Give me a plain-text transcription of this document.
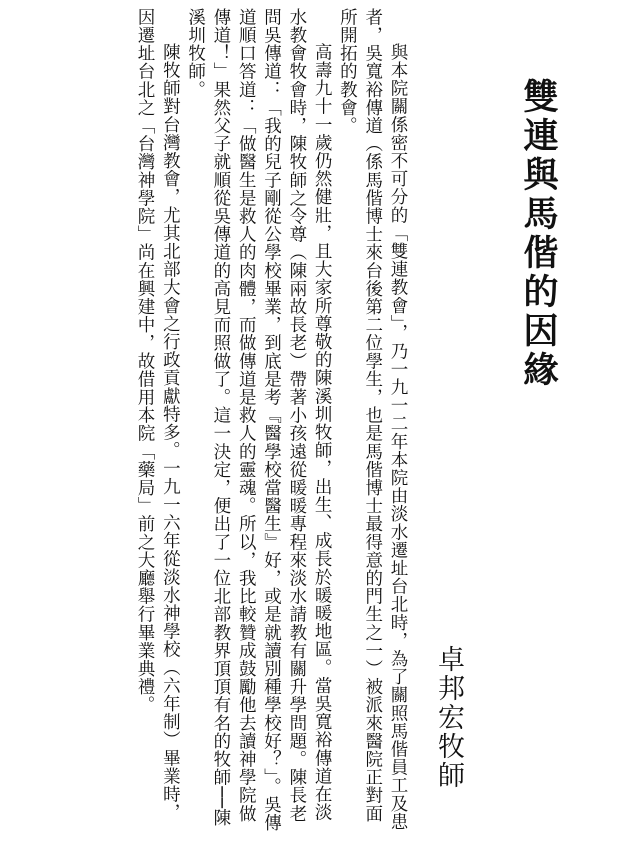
雙連與馬偕的因緣
卓邦宏牧師

與本院關係密不可分的「雙連教會」，乃一九一二年本院由淡水遷址台北時，為了關照馬偕員工及患者，吳寬裕傳道（係馬偕博士來台後第二位學生，也是馬偕博士最得意的門生之一）被派來醫院正對面所開拓的教會。

高壽九十一歲仍然健壯，且大家所尊敬的陳溪圳牧師，出生、成長於暖暖地區。當吳寬裕傳道在淡水教會牧會時，陳牧師之令尊（陳兩故長老）帶著小孩遠從暖暖專程來淡水請教有關升學問題。陳長老問吳傳道：「我的兒子剛從公學校畢業，到底是考『醫學校當醫生』好，或是就讀別種學校好？」。吳傳道順口答道：「做醫生是救人的肉體，而做傳道是救人的靈魂。所以，我比較贊成鼓勵他去讀神學院做傳道！」果然父子就順從吳傳道的高見而照做了。這一決定，便出了一位北部教界頂頂有名的牧師──陳溪圳牧師。

陳牧師對台灣教會，尤其北部大會之行政貢獻特多。一九一六年從淡水神學校（六年制）畢業時，因遷址台北之「台灣神學院」尚在興建中，故借用本院「藥局」前之大廳舉行畢業典禮。
